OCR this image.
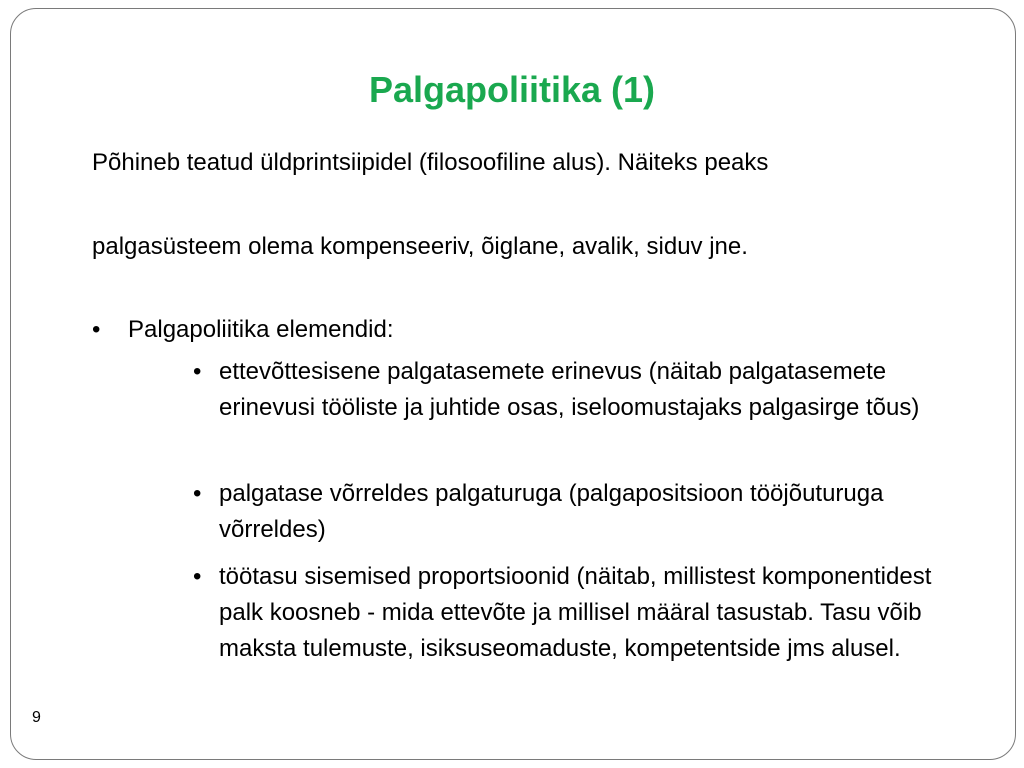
Palgapoliitika (1)

Põhineb teatud üldprintsiipidel (filosoofiline alus). Näiteks peaks

palgasüsteem olema kompenseeriv, õiglane, avalik, siduv jne.

• Palgapoliitika elemendid:
• ettevõttesisene palgatasemete erinevus (näitab palgatasemete erinevusi tööliste ja juhtide osas, iseloomustajaks palgasirge tõus)
• palgatase võrreldes palgaturuga (palgapositsioon tööjõuturuga võrreldes)
• töötasu sisemised proportsioonid (näitab, millistest komponentidest palk koosneb - mida ettevõte ja millisel määral tasustab. Tasu võib maksta tulemuste, isiksuseomaduste, kompetentside jms alusel.
9
